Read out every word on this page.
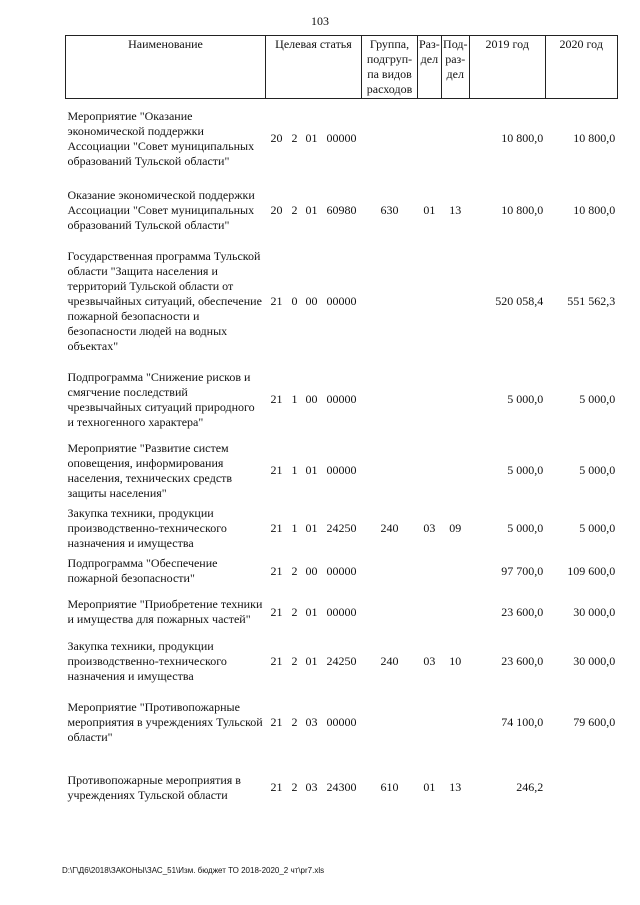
103
Наименование	Целевая статья				Группа, подгруп-па видов расходов	Раз-дел	Под-раз-дел	2019 год	2020 год
Мероприятие "Оказание экономической поддержки Ассоциации "Совет муниципальных образований Тульской области"	20	2	01	00000				10 800,0	10 800,0
Оказание экономической поддержки Ассоциации "Совет муниципальных образований Тульской области"	20	2	01	60980	630	01	13	10 800,0	10 800,0
Государственная программа Тульской области "Защита населения и территорий Тульской области от чрезвычайных ситуаций, обеспечение пожарной безопасности и безопасности людей на водных объектах"	21	0	00	00000				520 058,4	551 562,3
Подпрограмма "Снижение рисков и смягчение последствий чрезвычайных ситуаций природного и техногенного характера"	21	1	00	00000				5 000,0	5 000,0
Мероприятие "Развитие систем оповещения, информирования населения, технических средств защиты населения"	21	1	01	00000				5 000,0	5 000,0
Закупка техники, продукции производственно-технического назначения и имущества	21	1	01	24250	240	03	09	5 000,0	5 000,0
Подпрограмма "Обеспечение пожарной безопасности"	21	2	00	00000				97 700,0	109 600,0
Мероприятие "Приобретение техники и имущества для пожарных частей"	21	2	01	00000				23 600,0	30 000,0
Закупка техники, продукции производственно-технического назначения и имущества	21	2	01	24250	240	03	10	23 600,0	30 000,0
Мероприятие "Противопожарные мероприятия в учреждениях Тульской области"	21	2	03	00000				74 100,0	79 600,0
Противопожарные мероприятия в учреждениях Тульской области	21	2	03	24300	610	01	13	246,2	
D:\Г\Д6\2018\ЗАКОНЫ\ЗАС_51\Изм. бюджет ТО 2018-2020_2 чт\pr7.xls
